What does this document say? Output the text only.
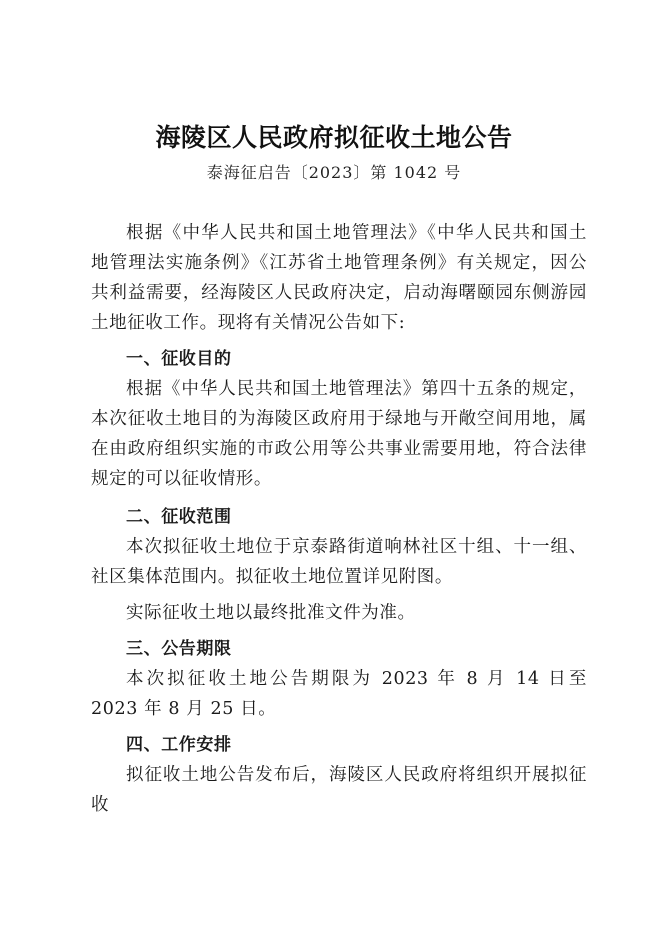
海陵区人民政府拟征收土地公告
泰海征启告〔2023〕第 1042 号

根据《中华人民共和国土地管理法》《中华人民共和国土地管理法实施条例》《江苏省土地管理条例》有关规定，因公共利益需要，经海陵区人民政府决定，启动海曙颐园东侧游园土地征收工作。现将有关情况公告如下:

一、征收目的

根据《中华人民共和国土地管理法》第四十五条的规定，本次征收土地目的为海陵区政府用于绿地与开敞空间用地，属在由政府组织实施的市政公用等公共事业需要用地，符合法律规定的可以征收情形。

二、征收范围

本次拟征收土地位于京泰路街道响林社区十组、十一组、社区集体范围内。拟征收土地位置详见附图。

实际征收土地以最终批准文件为准。

三、公告期限

本次拟征收土地公告期限为 2023 年 8 月 14 日至 2023 年 8 月 25 日。

四、工作安排

拟征收土地公告发布后，海陵区人民政府将组织开展拟征收
